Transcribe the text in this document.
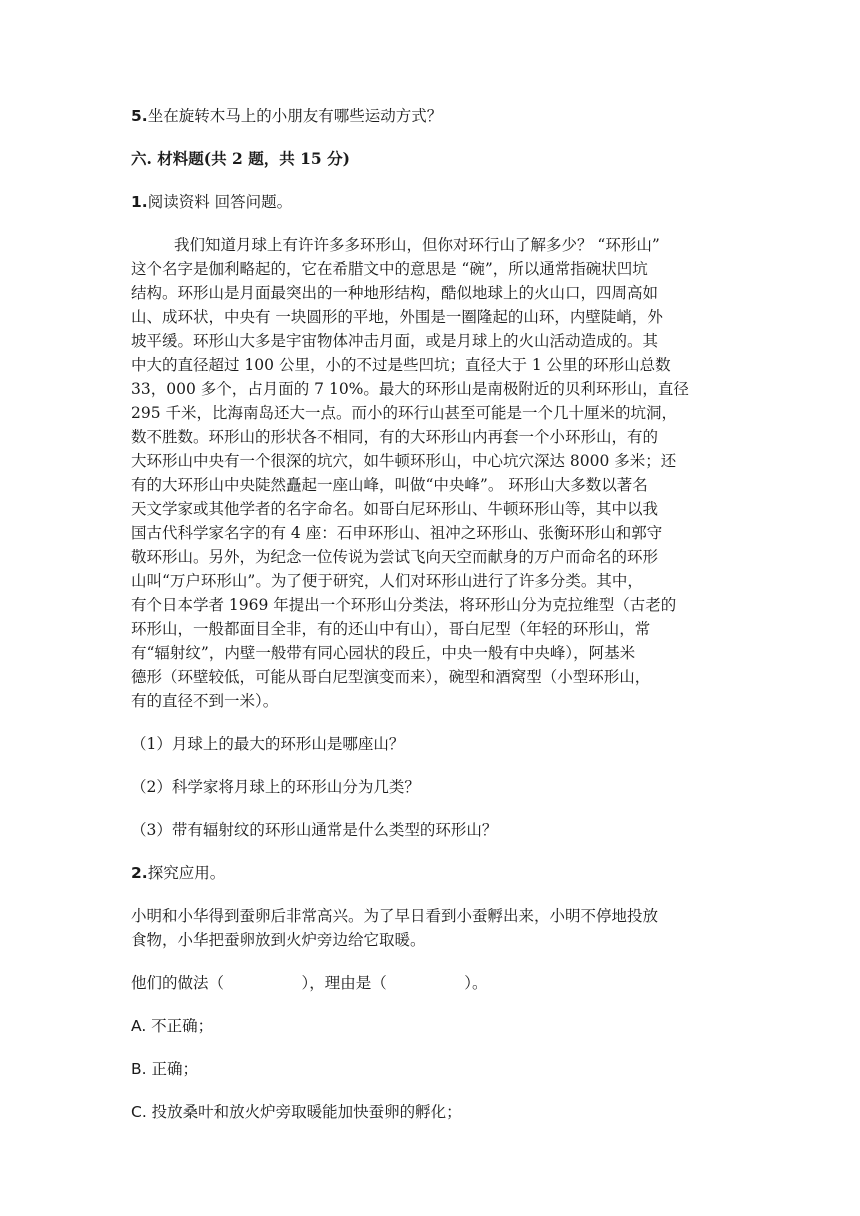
5.坐在旋转木马上的小朋友有哪些运动方式？
六. 材料题(共 2 题，共 15 分)
1.阅读资料 回答问题。
我们知道月球上有许许多多环形山，但你对环行山了解多少？ “环形山”
这个名字是伽利略起的，它在希腊文中的意思是 “碗”，所以通常指碗状凹坑
结构。环形山是月面最突出的一种地形结构，酷似地球上的火山口，四周高如
山、成环状，中央有 一块圆形的平地，外围是一圈隆起的山环，内壁陡峭，外
坡平缓。环形山大多是宇宙物体冲击月面，或是月球上的火山活动造成的。其
中大的直径超过 100 公里，小的不过是些凹坑；直径大于 1 公里的环形山总数
33，000 多个，占月面的 7 10%。最大的环形山是南极附近的贝利环形山，直径
295 千米，比海南岛还大一点。而小的环行山甚至可能是一个几十厘米的坑洞，
数不胜数。环形山的形状各不相同，有的大环形山内再套一个小环形山，有的
大环形山中央有一个很深的坑穴，如牛顿环形山，中心坑穴深达 8000 多米；还
有的大环形山中央陡然矗起一座山峰，叫做“中央峰”。 环形山大多数以著名
天文学家或其他学者的名字命名。如哥白尼环形山、牛顿环形山等，其中以我
国古代科学家名字的有 4 座：石申环形山、祖冲之环形山、张衡环形山和郭守
敬环形山。另外，为纪念一位传说为尝试飞向天空而献身的万户而命名的环形
山叫“万户环形山”。为了便于研究，人们对环形山进行了许多分类。其中，
有个日本学者 1969 年提出一个环形山分类法，将环形山分为克拉维型（古老的
环形山，一般都面目全非，有的还山中有山），哥白尼型（年轻的环形山，常
有“辐射纹”，内壁一般带有同心园状的段丘，中央一般有中央峰），阿基米
德形（环壁较低，可能从哥白尼型演变而来），碗型和酒窝型（小型环形山，
有的直径不到一米）。
（1）月球上的最大的环形山是哪座山？
（2）科学家将月球上的环形山分为几类？
（3）带有辐射纹的环形山通常是什么类型的环形山？
2.探究应用。
小明和小华得到蚕卵后非常高兴。为了早日看到小蚕孵出来，小明不停地投放
食物，小华把蚕卵放到火炉旁边给它取暖。
他们的做法（　　　　　），理由是（　　　　　）。
A. 不正确；
B. 正确；
C. 投放桑叶和放火炉旁取暖能加快蚕卵的孵化；
